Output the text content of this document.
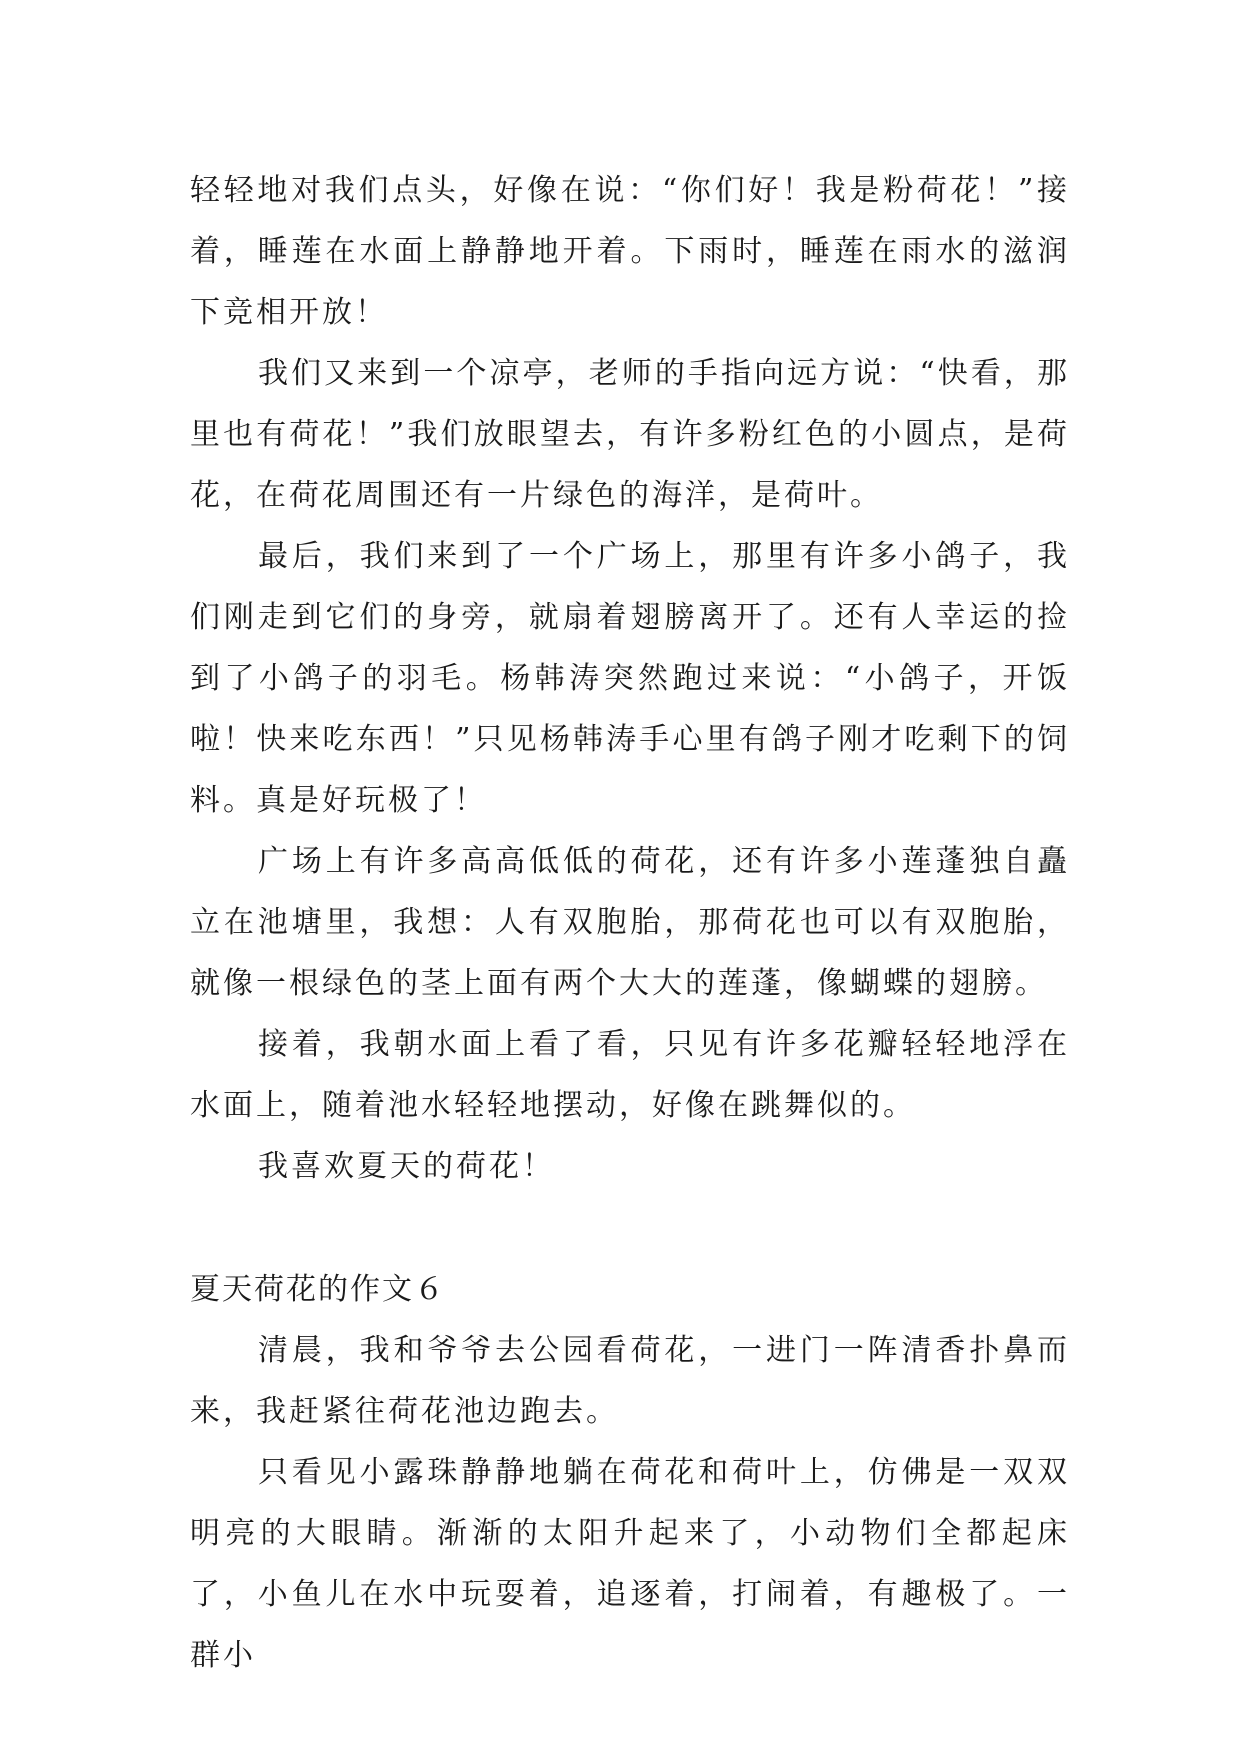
轻轻地对我们点头，好像在说：“你们好！我是粉荷花！”接着，睡莲在水面上静静地开着。下雨时，睡莲在雨水的滋润下竞相开放！

我们又来到一个凉亭，老师的手指向远方说：“快看，那里也有荷花！”我们放眼望去，有许多粉红色的小圆点，是荷花，在荷花周围还有一片绿色的海洋，是荷叶。

最后，我们来到了一个广场上，那里有许多小鸽子，我们刚走到它们的身旁，就扇着翅膀离开了。还有人幸运的捡到了小鸽子的羽毛。杨韩涛突然跑过来说：“小鸽子，开饭啦！快来吃东西！”只见杨韩涛手心里有鸽子刚才吃剩下的饲料。真是好玩极了！

广场上有许多高高低低的荷花，还有许多小莲蓬独自矗立在池塘里，我想：人有双胞胎，那荷花也可以有双胞胎，就像一根绿色的茎上面有两个大大的莲蓬，像蝴蝶的翅膀。

接着，我朝水面上看了看，只见有许多花瓣轻轻地浮在水面上，随着池水轻轻地摆动，好像在跳舞似的。

我喜欢夏天的荷花！

夏天荷花的作文６

清晨，我和爷爷去公园看荷花，一进门一阵清香扑鼻而来，我赶紧往荷花池边跑去。

只看见小露珠静静地躺在荷花和荷叶上，仿佛是一双双明亮的大眼睛。渐渐的太阳升起来了，小动物们全都起床了，小鱼儿在水中玩耍着，追逐着，打闹着，有趣极了。一群小
